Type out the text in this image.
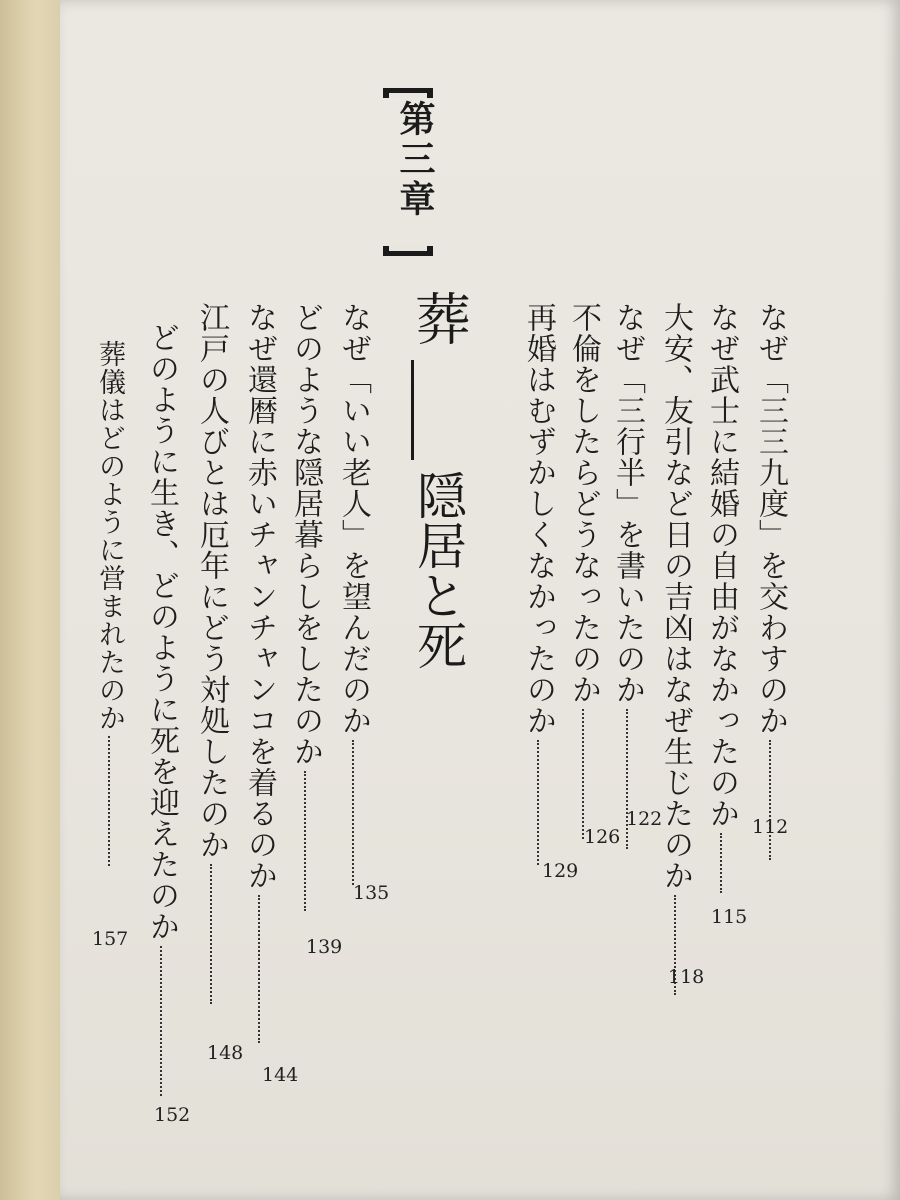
なぜ「三三九度」を交わすのか
112
なぜ武士に結婚の自由がなかったのか
115
大安、友引など日の吉凶はなぜ生じたのか
118
なぜ「三行半」を書いたのか
122
不倫をしたらどうなったのか
126
再婚はむずかしくなかったのか
129
第三章
葬隠居と死
なぜ「いい老人」を望んだのか
135
どのような隠居暮らしをしたのか
139
なぜ還暦に赤いチャンチャンコを着るのか
144
江戸の人びとは厄年にどう対処したのか
148
どのように生き、どのように死を迎えたのか
152
葬儀はどのように営まれたのか
157
